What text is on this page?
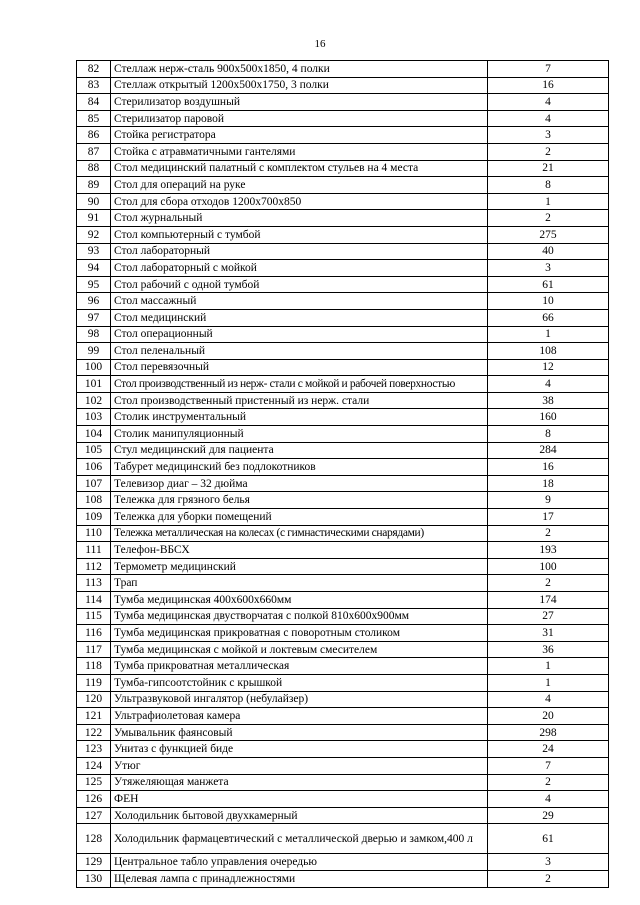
16
82	Стеллаж нерж-сталь 900х500х1850, 4 полки	7
83	Стеллаж открытый 1200х500х1750, 3 полки	16
84	Стерилизатор воздушный	4
85	Стерилизатор паровой	4
86	Стойка регистратора	3
87	Стойка с атравматичными гантелями	2
88	Стол медицинский палатный с комплектом стульев на 4 места	21
89	Стол для операций на руке	8
90	Стол для сбора отходов 1200х700х850	1
91	Стол журнальный	2
92	Стол компьютерный с тумбой	275
93	Стол лабораторный	40
94	Стол лабораторный с мойкой	3
95	Стол рабочий с одной тумбой	61
96	Стол массажный	10
97	Стол медицинский	66
98	Стол операционный	1
99	Стол пеленальный	108
100	Стол перевязочный	12
101	Стол производственный из нерж- стали с мойкой и рабочей поверхностью	4
102	Стол производственный пристенный из нерж. стали	38
103	Столик инструментальный	160
104	Столик манипуляционный	8
105	Стул медицинский для пациента	284
106	Табурет медицинский без подлокотников	16
107	Телевизор диаг – 32 дюйма	18
108	Тележка для грязного белья	9
109	Тележка для уборки помещений	17
110	Тележка металлическая на колесах (с гимнастическими снарядами)	2
111	Телефон-ВБСХ	193
112	Термометр медицинский	100
113	Трап	2
114	Тумба медицинская 400х600х660мм	174
115	Тумба медицинская двустворчатая с полкой 810х600х900мм	27
116	Тумба медицинская прикроватная с поворотным столиком	31
117	Тумба медицинская с мойкой и локтевым смесителем	36
118	Тумба прикроватная металлическая	1
119	Тумба-гипсоотстойник с крышкой	1
120	Ультразвуковой ингалятор (небулайзер)	4
121	Ультрафиолетовая камера	20
122	Умывальник фаянсовый	298
123	Унитаз с функцией биде	24
124	Утюг	7
125	Утяжеляющая манжета	2
126	ФЕН	4
127	Холодильник бытовой двухкамерный	29
128	Холодильник фармацевтический с металлической дверью и замком,400 л	61
129	Центральное табло управления очередью	3
130	Щелевая лампа с принадлежностями	2
